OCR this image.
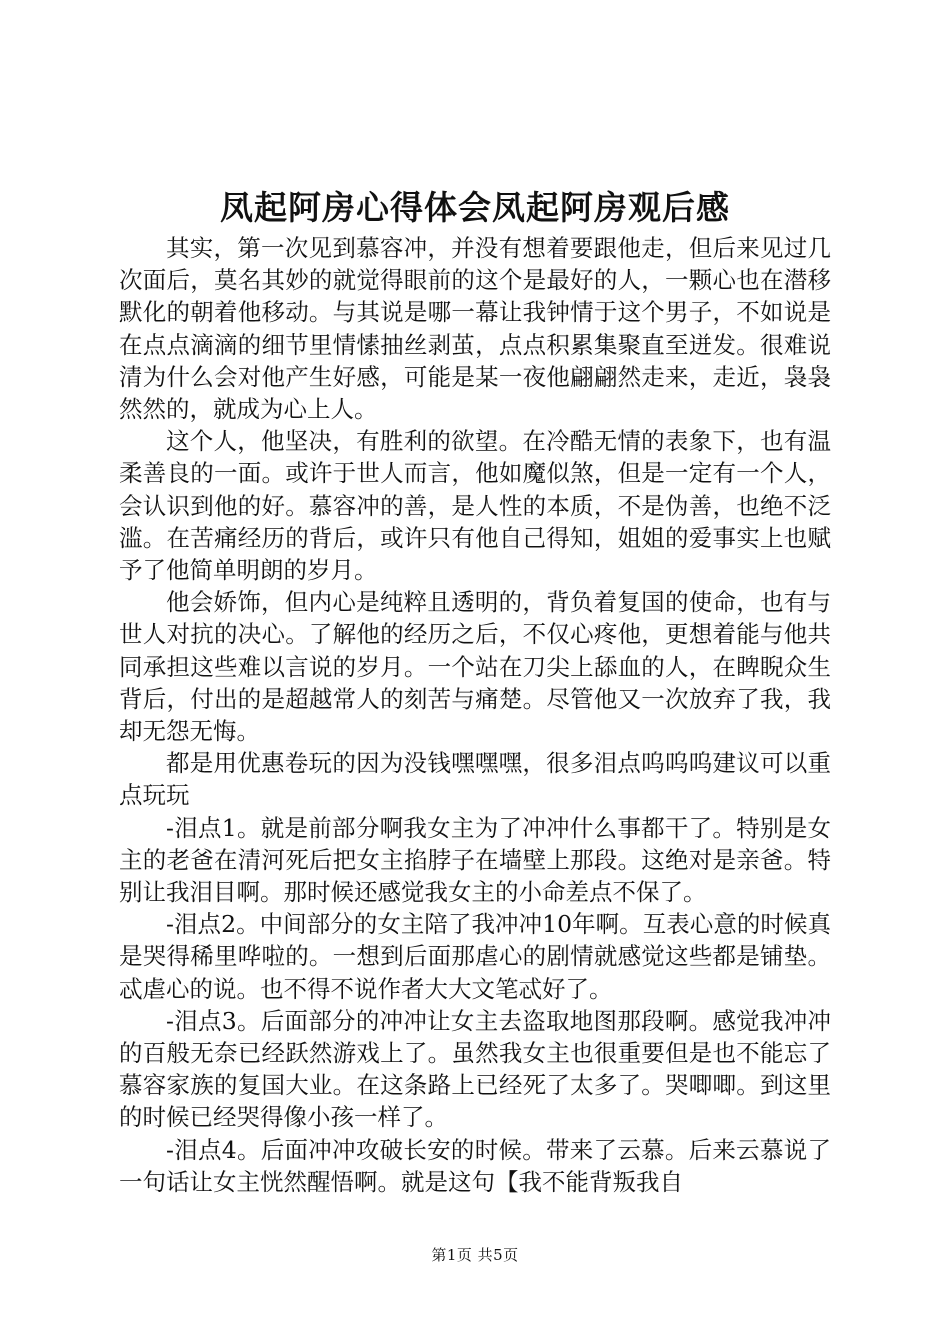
凤起阿房心得体会凤起阿房观后感

其实，第一次见到慕容冲，并没有想着要跟他走，但后来见过几次面后，莫名其妙的就觉得眼前的这个是最好的人，一颗心也在潜移默化的朝着他移动。与其说是哪一幕让我钟情于这个男子，不如说是在点点滴滴的细节里情愫抽丝剥茧，点点积累集聚直至迸发。很难说清为什么会对他产生好感，可能是某一夜他翩翩然走来，走近，袅袅然然的，就成为心上人。

这个人，他坚决，有胜利的欲望。在冷酷无情的表象下，也有温柔善良的一面。或许于世人而言，他如魔似煞，但是一定有一个人，会认识到他的好。慕容冲的善，是人性的本质，不是伪善，也绝不泛滥。在苦痛经历的背后，或许只有他自己得知，姐姐的爱事实上也赋予了他简单明朗的岁月。

他会娇饰，但内心是纯粹且透明的，背负着复国的使命，也有与世人对抗的决心。了解他的经历之后，不仅心疼他，更想着能与他共同承担这些难以言说的岁月。一个站在刀尖上舔血的人，在睥睨众生背后，付出的是超越常人的刻苦与痛楚。尽管他又一次放弃了我，我却无怨无悔。

都是用优惠卷玩的因为没钱嘿嘿嘿，很多泪点呜呜呜建议可以重点玩玩

-泪点1。就是前部分啊我女主为了冲冲什么事都干了。特别是女主的老爸在清河死后把女主掐脖子在墙壁上那段。这绝对是亲爸。特别让我泪目啊。那时候还感觉我女主的小命差点不保了。

-泪点2。中间部分的女主陪了我冲冲10年啊。互表心意的时候真是哭得稀里哗啦的。一想到后面那虐心的剧情就感觉这些都是铺垫。忒虐心的说。也不得不说作者大大文笔忒好了。

-泪点3。后面部分的冲冲让女主去盗取地图那段啊。感觉我冲冲的百般无奈已经跃然游戏上了。虽然我女主也很重要但是也不能忘了慕容家族的复国大业。在这条路上已经死了太多了。哭唧唧。到这里的时候已经哭得像小孩一样了。

-泪点4。后面冲冲攻破长安的时候。带来了云慕。后来云慕说了一句话让女主恍然醒悟啊。就是这句【我不能背叛我自

第1页 共5页
